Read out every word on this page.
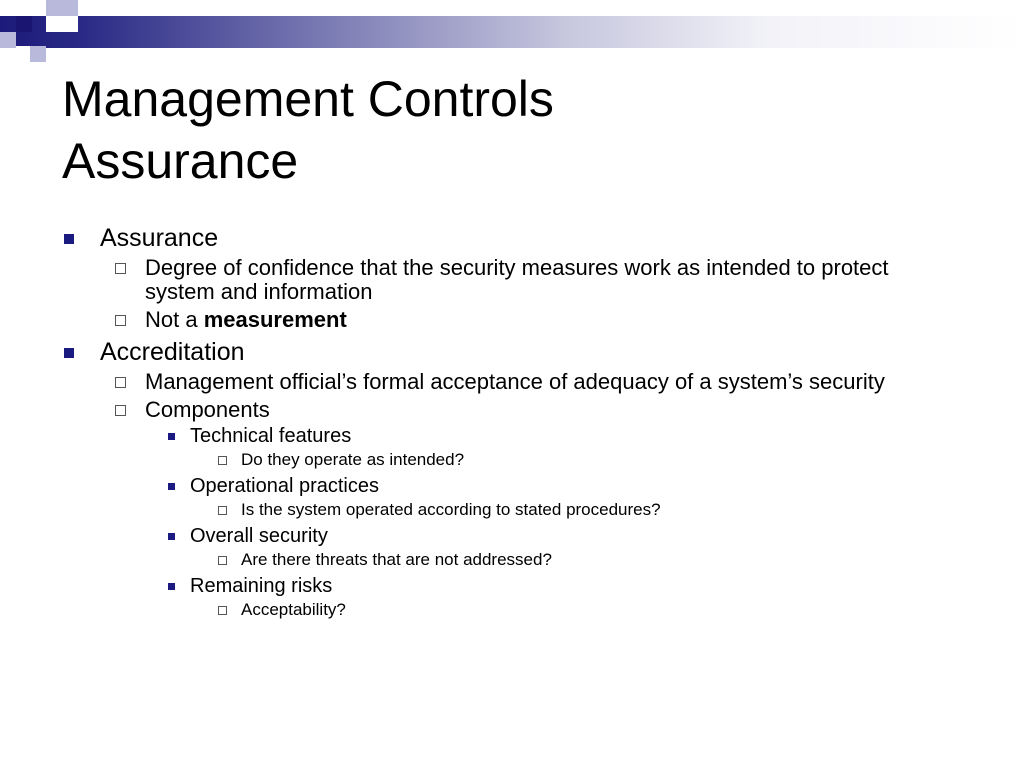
Management Controls
Assurance
Assurance
Degree of confidence that the security measures work as intended to protect system and information
Not a measurement
Accreditation
Management official’s formal acceptance of adequacy of a system’s security
Components
Technical features
Do they operate as intended?
Operational practices
Is the system operated according to stated procedures?
Overall security
Are there threats that are not addressed?
Remaining risks
Acceptability?
